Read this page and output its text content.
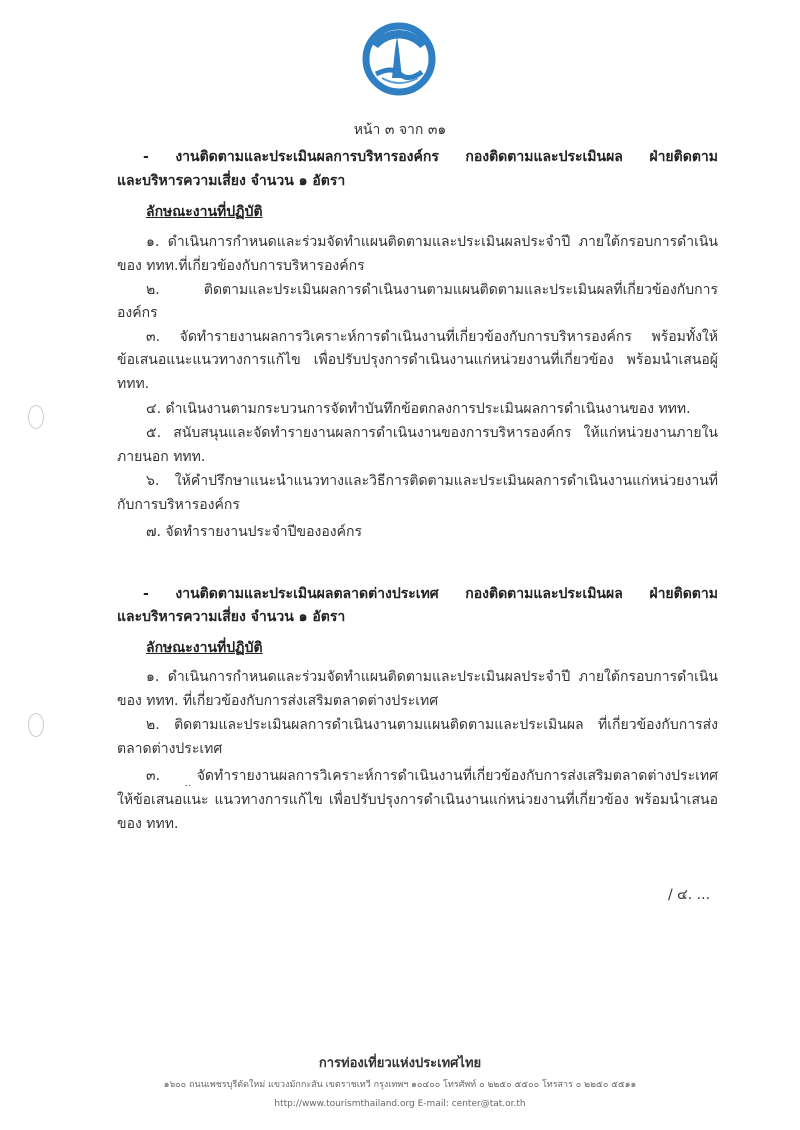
หน้า ๓ จาก ๓๑
- งานติดตามและประเมินผลการบริหารองค์กร กองติดตามและประเมินผล ฝ่ายติดตาม
และบริหารความเสี่ยง จำนวน ๑ อัตรา
ลักษณะงานที่ปฏิบัติ
๑. ดำเนินการกำหนดและร่วมจัดทำแผนติดตามและประเมินผลประจำปี ภายใต้กรอบการดำเนิน
ของ ททท.ที่เกี่ยวข้องกับการบริหารองค์กร
๒. ติดตามและประเมินผลการดำเนินงานตามแผนติดตามและประเมินผลที่เกี่ยวข้องกับการ
องค์กร
๓. จัดทำรายงานผลการวิเคราะห์การดำเนินงานที่เกี่ยวข้องกับการบริหารองค์กร พร้อมทั้งให้
ข้อเสนอแนะแนวทางการแก้ไข เพื่อปรับปรุงการดำเนินงานแก่หน่วยงานที่เกี่ยวข้อง พร้อมนำเสนอผู้
ททท.
๔. ดำเนินงานตามกระบวนการจัดทำบันทึกข้อตกลงการประเมินผลการดำเนินงานของ ททท.
๕. สนับสนุนและจัดทำรายงานผลการดำเนินงานของการบริหารองค์กร ให้แก่หน่วยงานภายใน
ภายนอก ททท.
๖. ให้คำปรึกษาแนะนำแนวทางและวิธีการติดตามและประเมินผลการดำเนินงานแก่หน่วยงานที่
กับการบริหารองค์กร
๗. จัดทำรายงานประจำปีขององค์กร
- งานติดตามและประเมินผลตลาดต่างประเทศ กองติดตามและประเมินผล ฝ่ายติดตาม
และบริหารความเสี่ยง จำนวน ๑ อัตรา
ลักษณะงานที่ปฏิบัติ
๑. ดำเนินการกำหนดและร่วมจัดทำแผนติดตามและประเมินผลประจำปี ภายใต้กรอบการดำเนิน
ของ ททท. ที่เกี่ยวข้องกับการส่งเสริมตลาดต่างประเทศ
๒. ติดตามและประเมินผลการดำเนินงานตามแผนติดตามและประเมินผล ที่เกี่ยวข้องกับการส่ง
ตลาดต่างประเทศ
๓. จัดทำรายงานผลการวิเคราะห์การดำเนินงานที่เกี่ยวข้องกับการส่งเสริมตลาดต่างประเทศ
ให้ข้อเสนอแนะ แนวทางการแก้ไข เพื่อปรับปรุงการดำเนินงานแก่หน่วยงานที่เกี่ยวข้อง พร้อมนำเสนอ
ของ ททท.
/ ๔. ...
การท่องเที่ยวแห่งประเทศไทย
๑๖๐๐ ถนนเพชรบุรีตัดใหม่ แขวงมักกะสัน เขตราชเทวี กรุงเทพฯ ๑๐๔๐๐ โทรศัพท์ ๐ ๒๒๕๐ ๕๕๐๐ โทรสาร ๐ ๒๒๕๐ ๕๕๑๑
http://www.tourismthailand.org E-mail: center@tat.or.th
